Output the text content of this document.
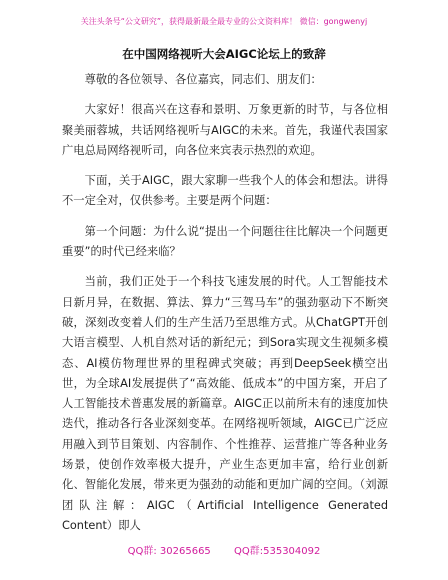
关注头条号“公文研究”，获得最新最全最专业的公文资料库！ 微信：gongwenyj
在中国网络视听大会AIGC论坛上的致辞

尊敬的各位领导、各位嘉宾，同志们、朋友们：

大家好！很高兴在这春和景明、万象更新的时节，与各位相聚美丽蓉城，共话网络视听与AIGC的未来。首先，我谨代表国家广电总局网络视听司，向各位来宾表示热烈的欢迎。

下面，关于AIGC，跟大家聊一些我个人的体会和想法。讲得不一定全对，仅供参考。主要是两个问题：

第一个问题：为什么说“提出一个问题往往比解决一个问题更重要”的时代已经来临？

当前，我们正处于一个科技飞速发展的时代。人工智能技术日新月异，在数据、算法、算力“三驾马车”的强劲驱动下不断突破，深刻改变着人们的生产生活乃至思维方式。从ChatGPT开创大语言模型、人机自然对话的新纪元；到Sora实现文生视频多模态、AI模仿物理世界的里程碑式突破；再到DeepSeek横空出世，为全球AI发展提供了“高效能、低成本”的中国方案，开启了人工智能技术普惠发展的新篇章。AIGC正以前所未有的速度加快迭代，推动各行各业深刻变革。在网络视听领域，AIGC已广泛应用融入到节目策划、内容制作、个性推荐、运营推广等各种业务场景，使创作效率极大提升，产业生态更加丰富，给行业创新化、智能化发展，带来更为强劲的动能和更加广阔的空间。（刘源团队注解：AIGC（Artificial Intelligence Generated Content）即人

QQ群: 30265665 QQ群:535304092
